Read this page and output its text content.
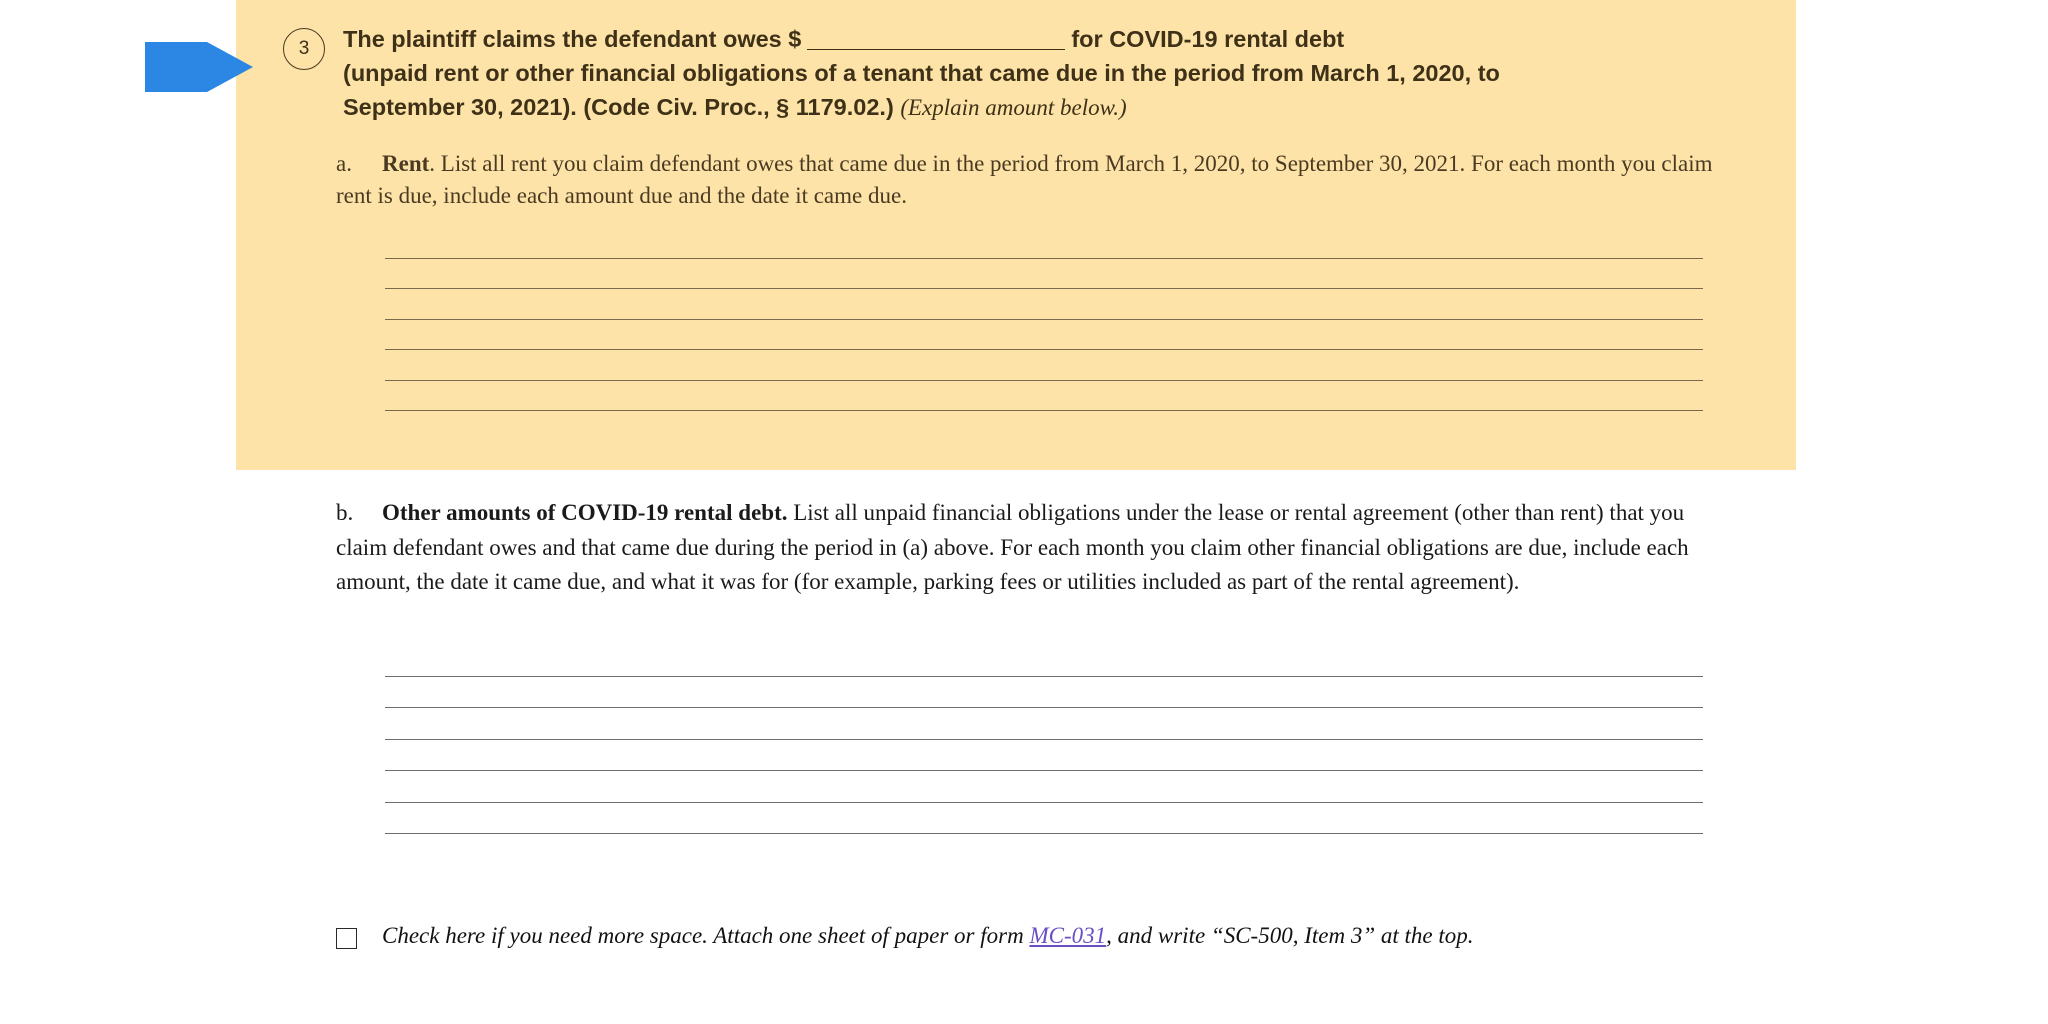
3 The plaintiff claims the defendant owes $	for COVID-19 rental debt
(unpaid rent or other financial obligations of a tenant that came due in the period from March 1, 2020, to
September 30, 2021). (Code Civ. Proc., § 1179.02.) (Explain amount below.)
a.	Rent. List all rent you claim defendant owes that came due in the period from March 1, 2020, to September 30, 2021. For each month you claim rent is due, include each amount due and the date it came due.
b.	Other amounts of COVID-19 rental debt. List all unpaid financial obligations under the lease or rental agreement (other than rent) that you claim defendant owes and that came due during the period in (a) above. For each month you claim other financial obligations are due, include each amount, the date it came due, and what it was for (for example, parking fees or utilities included as part of the rental agreement).
Check here if you need more space. Attach one sheet of paper or form MC-031, and write “SC-500, Item 3” at the top.
